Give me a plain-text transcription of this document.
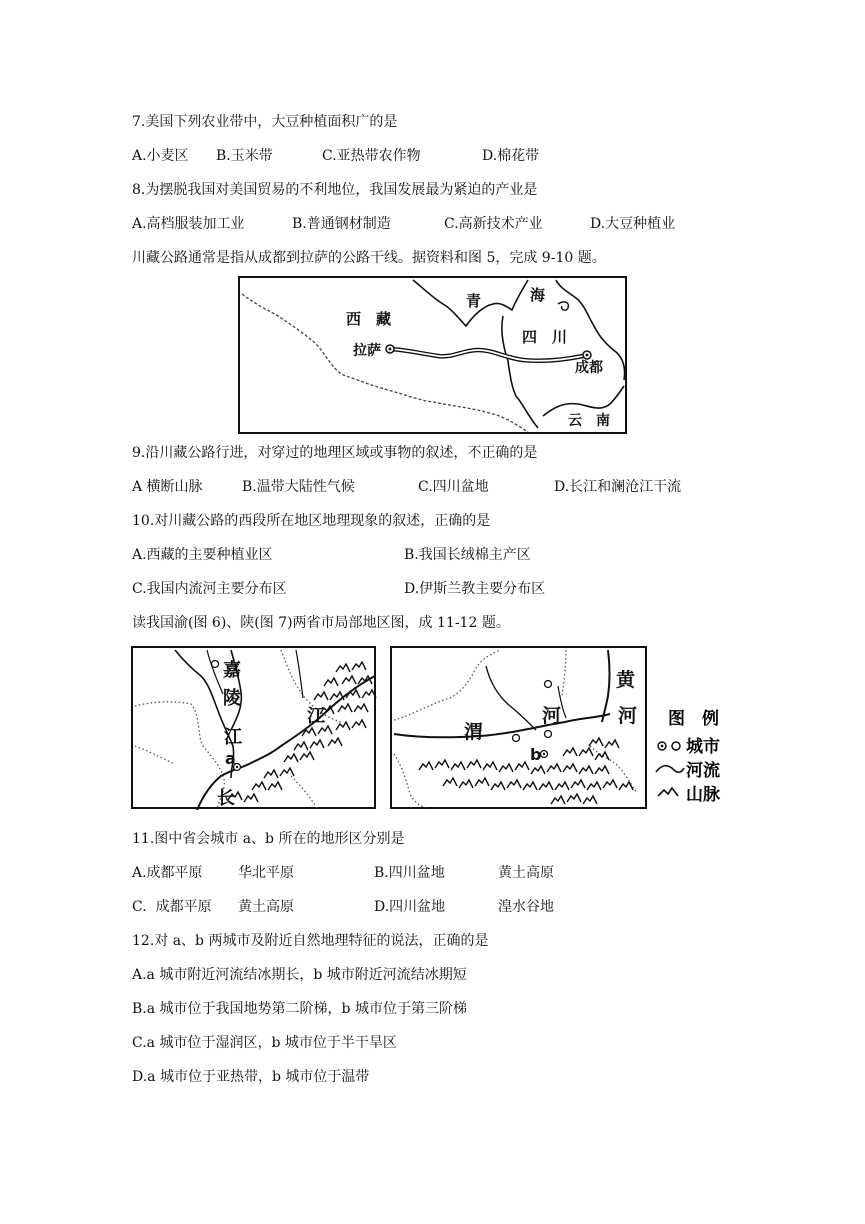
7.美国下列农业带中，大豆种植面积广的是
A.小麦区 B.玉米带	C.亚热带农作物	D.棉花带
8.为摆脱我国对美国贸易的不利地位，我国发展最为紧迫的产业是
A.高档服装加工业	B.普通钢材制造	C.高新技术产业	D.大豆种植业
川藏公路通常是指从成都到拉萨的公路干线。据资料和图 5，完成 9-10 题。
西　藏
青	海
四　川
拉萨
成都
云　南
9.沿川藏公路行进，对穿过的地理区域或事物的叙述，不正确的是
A 横断山脉	B.温带大陆性气候	C.四川盆地	D.长江和澜沧江干流
10.对川藏公路的西段所在地区地理现象的叙述，正确的是
A.西藏的主要种植业区	B.我国长绒棉主产区
C.我国内流河主要分布区	D.伊斯兰教主要分布区
读我国渝(图 6)、陕(图 7)两省市局部地区图，成 11-12 题。
嘉
陵
江
江
a
长
黄
河
渭
河
b
图　例
城市
河流
山脉
11.图中省会城市 a、b 所在的地形区分别是
A.成都平原	华北平原	B.四川盆地	黄土高原
C.  成都平原 黄土高原	D.四川盆地	湟水谷地
12.对 a、b 两城市及附近自然地理特征的说法，正确的是
A.a 城市附近河流结冰期长，b 城市附近河流结冰期短
B.a 城市位于我国地势第二阶梯，b 城市位于第三阶梯
C.a 城市位于湿润区，b 城市位于半干旱区
D.a 城市位于亚热带，b 城市位于温带
